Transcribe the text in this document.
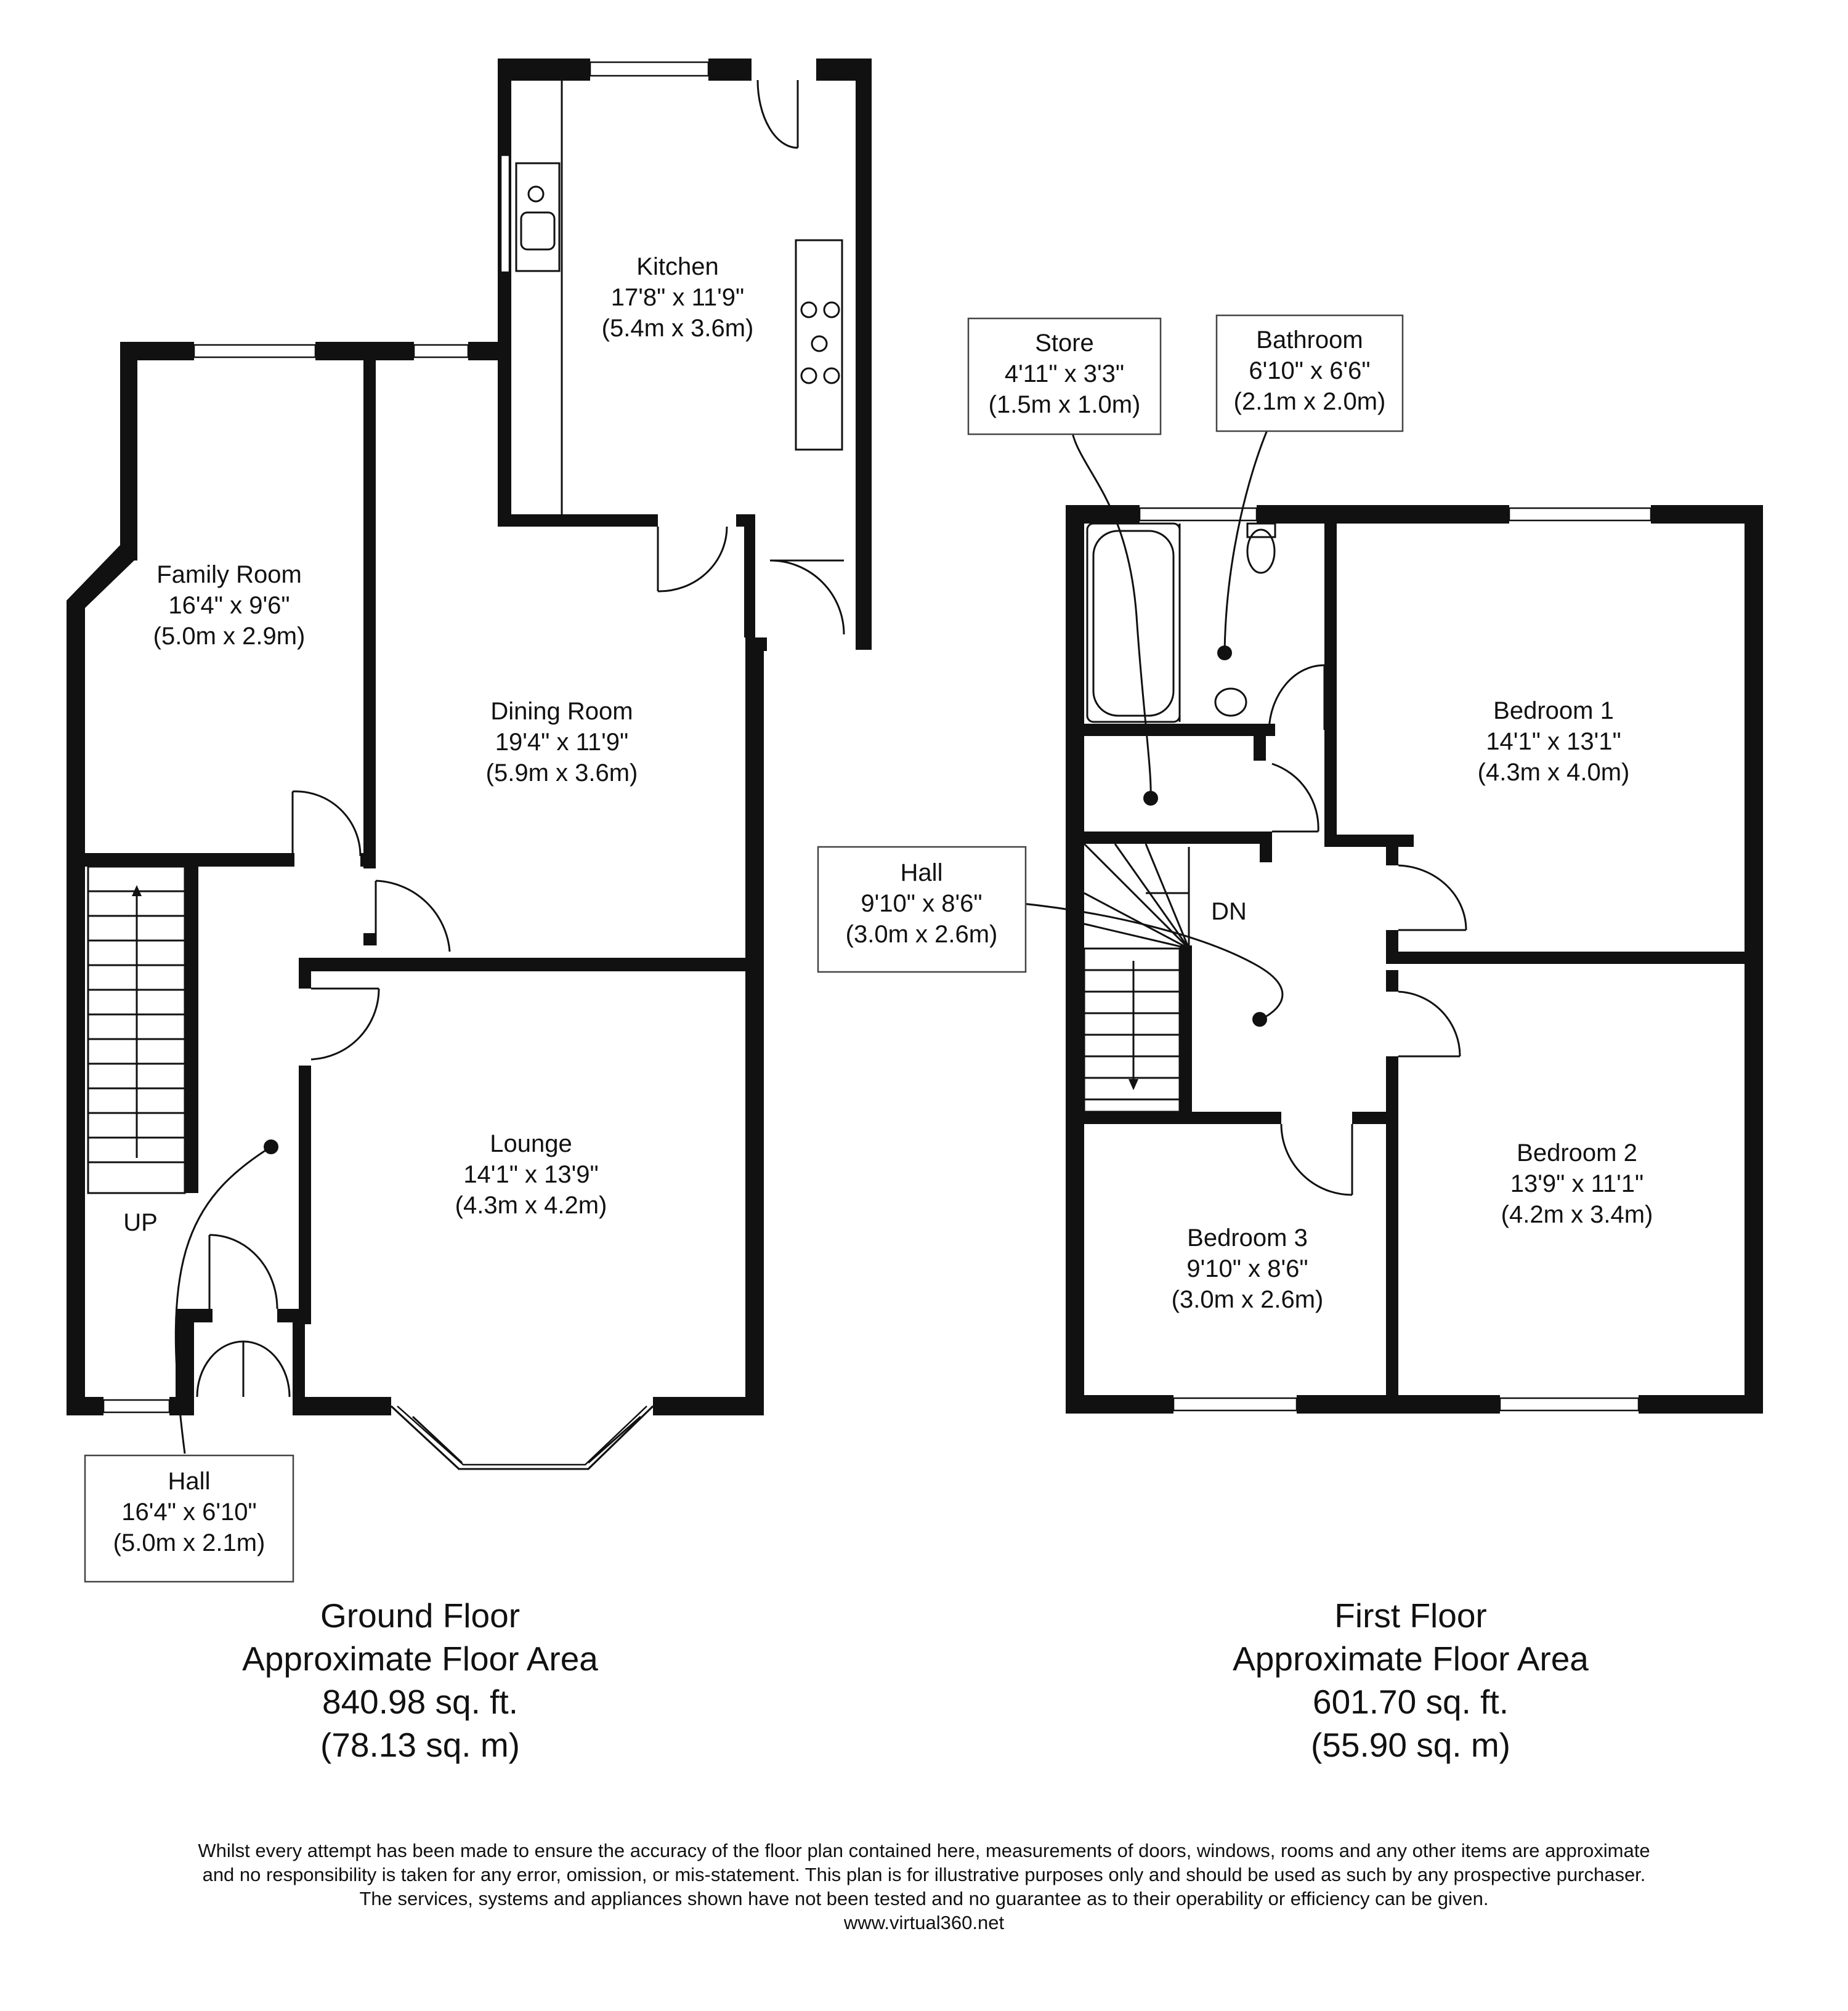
Kitchen
17'8" x 11'9"
(5.4m x 3.6m)
Family Room
16'4" x 9'6"
(5.0m x 2.9m)
Dining Room
19'4" x 11'9"
(5.9m x 3.6m)
Lounge
14'1" x 13'9"
(4.3m x 4.2m)
UP
Hall
16'4" x 6'10"
(5.0m x 2.1m)
Store
4'11" x 3'3"
(1.5m x 1.0m)
Bathroom
6'10" x 6'6"
(2.1m x 2.0m)
Bedroom 1
14'1" x 13'1"
(4.3m x 4.0m)
Hall
9'10" x 8'6"
(3.0m x 2.6m)
DN
Bedroom 3
9'10" x 8'6"
(3.0m x 2.6m)
Bedroom 2
13'9" x 11'1"
(4.2m x 3.4m)
Ground Floor
Approximate Floor Area
840.98 sq. ft.
(78.13 sq. m)
First Floor
Approximate Floor Area
601.70 sq. ft.
(55.90 sq. m)
Whilst every attempt has been made to ensure the accuracy of the floor plan contained here, measurements of doors, windows, rooms and any other items are approximate
and no responsibility is taken for any error, omission, or mis-statement. This plan is for illustrative purposes only and should be used as such by any prospective purchaser.
The services, systems and appliances shown have not been tested and no guarantee as to their operability or efficiency can be given.
www.virtual360.net
